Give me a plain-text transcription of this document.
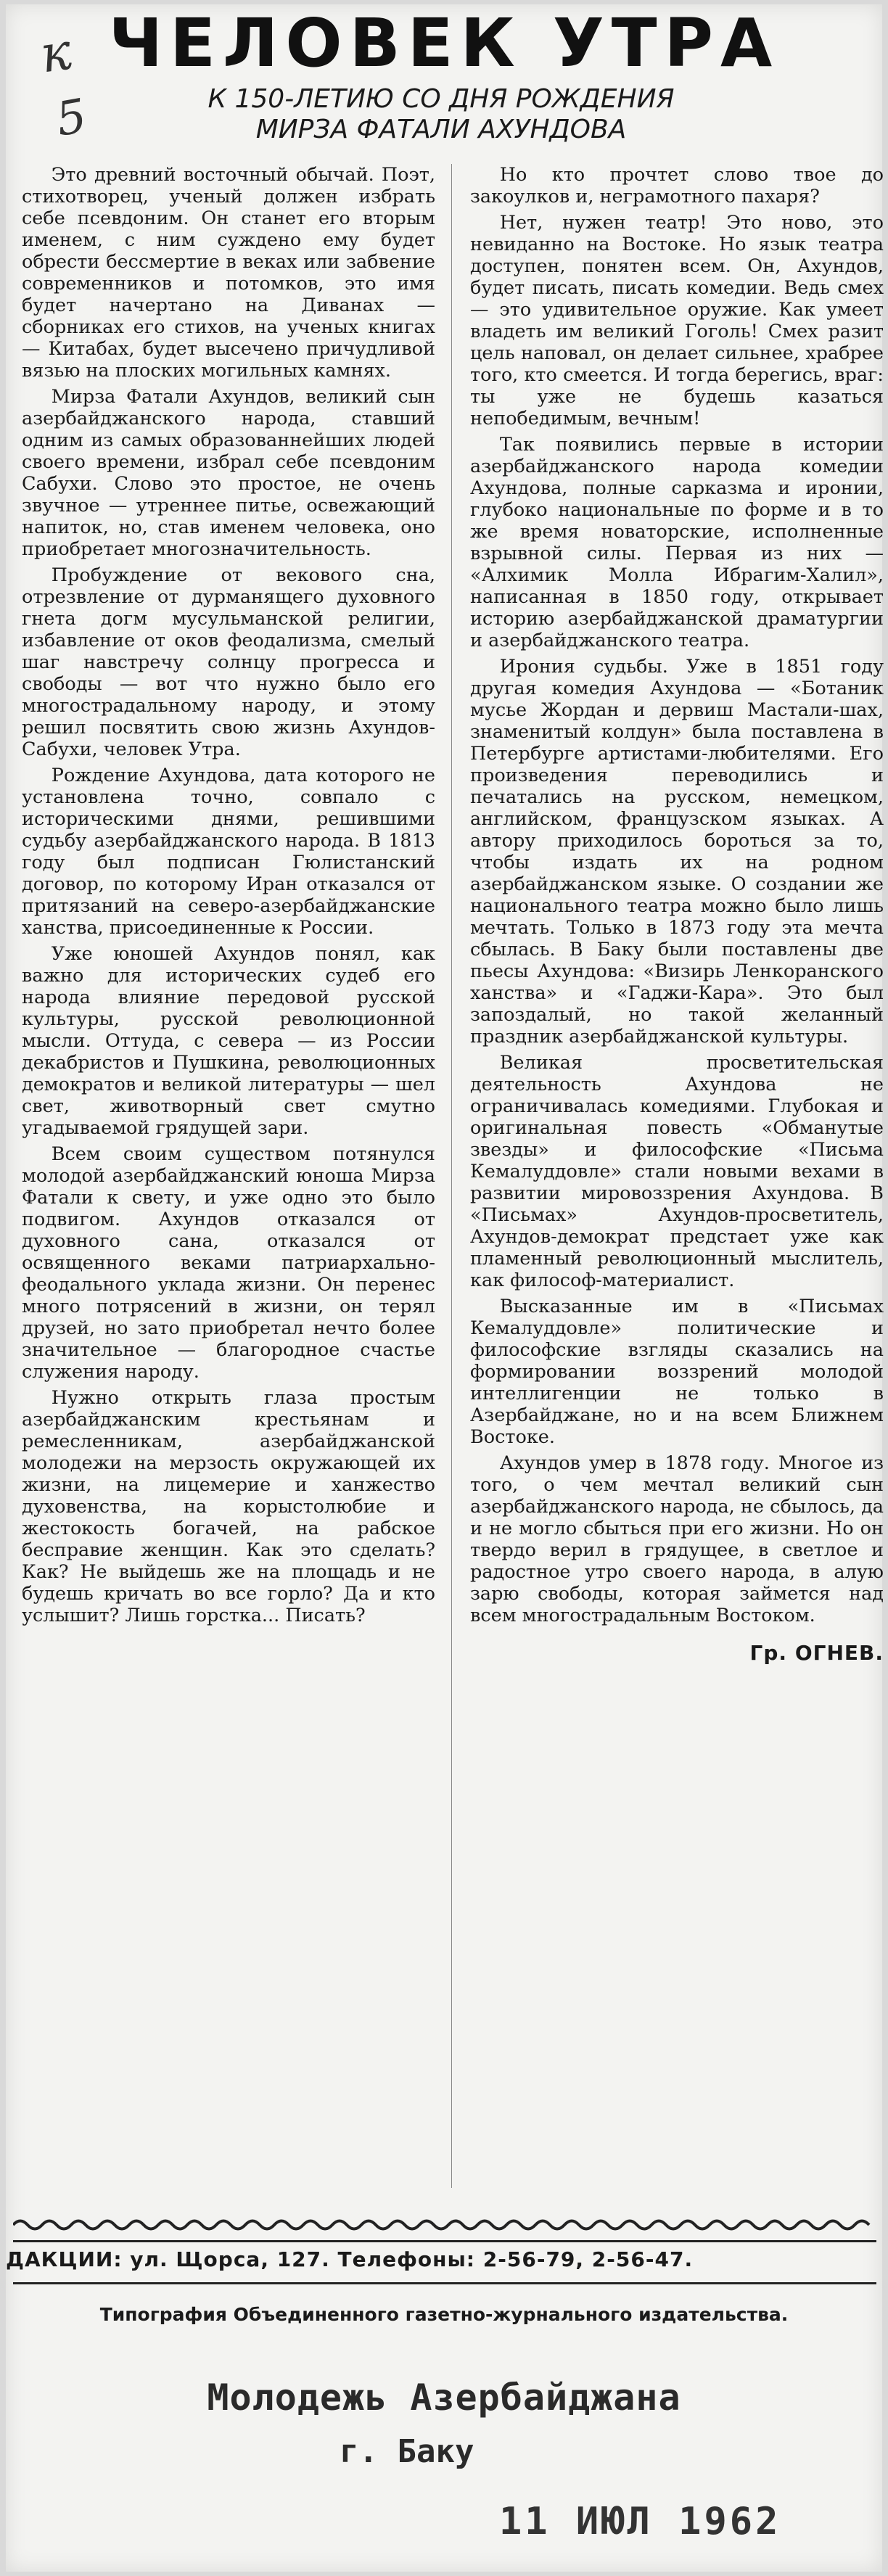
к
5
ЧЕЛОВЕК УТРА
К 150-ЛЕТИЮ СО ДНЯ РОЖДЕНИЯ
МИРЗА ФАТАЛИ АХУНДОВА

Это древний восточный обычай. Поэт, стихотворец, ученый должен избрать себе псевдоним. Он станет его вторым именем, с ним суждено ему будет обрести бессмертие в веках или забвение современников и потомков, это имя будет начертано на Диванах — сборниках его стихов, на ученых книгах — Китабах, будет высечено причудливой вязью на плоских могильных камнях.

Мирза Фатали Ахундов, великий сын азербайджанского народа, ставший одним из самых образованнейших людей своего времени, избрал себе псевдоним Сабухи. Слово это простое, не очень звучное — утреннее питье, освежающий напиток, но, став именем человека, оно приобретает многозначительность.

Пробуждение от векового сна, отрезвление от дурманящего духовного гнета догм мусульманской религии, избавление от оков феодализма, смелый шаг навстречу солнцу прогресса и свободы — вот что нужно было его многострадальному народу, и этому решил посвятить свою жизнь Ахундов-Сабухи, человек Утра.

Рождение Ахундова, дата которого не установлена точно, совпало с историческими днями, решившими судьбу азербайджанского народа. В 1813 году был подписан Гюлистанский договор, по которому Иран отказался от притязаний на северо-азербайджанские ханства, присоединенные к России.

Уже юношей Ахундов понял, как важно для исторических судеб его народа влияние передовой русской культуры, русской революционной мысли. Оттуда, с севера — из России декабристов и Пушкина, революционных демократов и великой литературы — шел свет, животворный свет смутно угадываемой грядущей зари.

Всем своим существом потянулся молодой азербайджанский юноша Мирза Фатали к свету, и уже одно это было подвигом. Ахундов отказался от духовного сана, отказался от освященного веками патриархально-феодального уклада жизни. Он перенес много потрясений в жизни, он терял друзей, но зато приобретал нечто более значительное — благородное счастье служения народу.

Нужно открыть глаза простым азербайджанским крестьянам и ремесленникам, азербайджанской молодежи на мерзость окружающей их жизни, на лицемерие и ханжество духовенства, на корыстолюбие и жестокость богачей, на рабское бесправие женщин. Как это сделать? Как? Не выйдешь же на площадь и не будешь кричать во все горло? Да и кто услышит? Лишь горстка... Писать?

Но кто прочтет слово твое до закоулков и, неграмотного пахаря?

Нет, нужен театр! Это ново, это невиданно на Востоке. Но язык театра доступен, понятен всем. Он, Ахундов, будет писать, писать комедии. Ведь смех — это удивительное оружие. Как умеет владеть им великий Гоголь! Смех разит цель наповал, он делает сильнее, храбрее того, кто смеется. И тогда берегись, враг: ты уже не будешь казаться непобедимым, вечным!

Так появились первые в истории азербайджанского народа комедии Ахундова, полные сарказма и иронии, глубоко национальные по форме и в то же время новаторские, исполненные взрывной силы. Первая из них — «Алхимик Молла Ибрагим-Халил», написанная в 1850 году, открывает историю азербайджанской драматургии и азербайджанского театра.

Ирония судьбы. Уже в 1851 году другая комедия Ахундова — «Ботаник мусье Жордан и дервиш Мастали-шах, знаменитый колдун» была поставлена в Петербурге артистами-любителями. Его произведения переводились и печатались на русском, немецком, английском, французском языках. А автору приходилось бороться за то, чтобы издать их на родном азербайджанском языке. О создании же национального театра можно было лишь мечтать. Только в 1873 году эта мечта сбылась. В Баку были поставлены две пьесы Ахундова: «Визирь Ленкоранского ханства» и «Гаджи-Кара». Это был запоздалый, но такой желанный праздник азербайджанской культуры.

Великая просветительская деятельность Ахундова не ограничивалась комедиями. Глубокая и оригинальная повесть «Обманутые звезды» и философские «Письма Кемалуддовле» стали новыми вехами в развитии мировоззрения Ахундова. В «Письмах» Ахундов-просветитель, Ахундов-демократ предстает уже как пламенный революционный мыслитель, как философ-материалист.

Высказанные им в «Письмах Кемалуддовле» политические и философские взгляды сказались на формировании воззрений молодой интеллигенции не только в Азербайджане, но и на всем Ближнем Востоке.

Ахундов умер в 1878 году. Многое из того, о чем мечтал великий сын азербайджанского народа, не сбылось, да и не могло сбыться при его жизни. Но он твердо верил в грядущее, в светлое и радостное утро своего народа, в алую зарю свободы, которая займется над всем многострадальным Востоком.

Гр. ОГНЕВ.
ДАКЦИИ: ул. Щорса, 127. Телефоны: 2-56-79, 2-56-47.
Типография Объединенного газетно-журнального издательства.
Молодежь Азербайджана
г. Баку
11 ИЮЛ 1962
